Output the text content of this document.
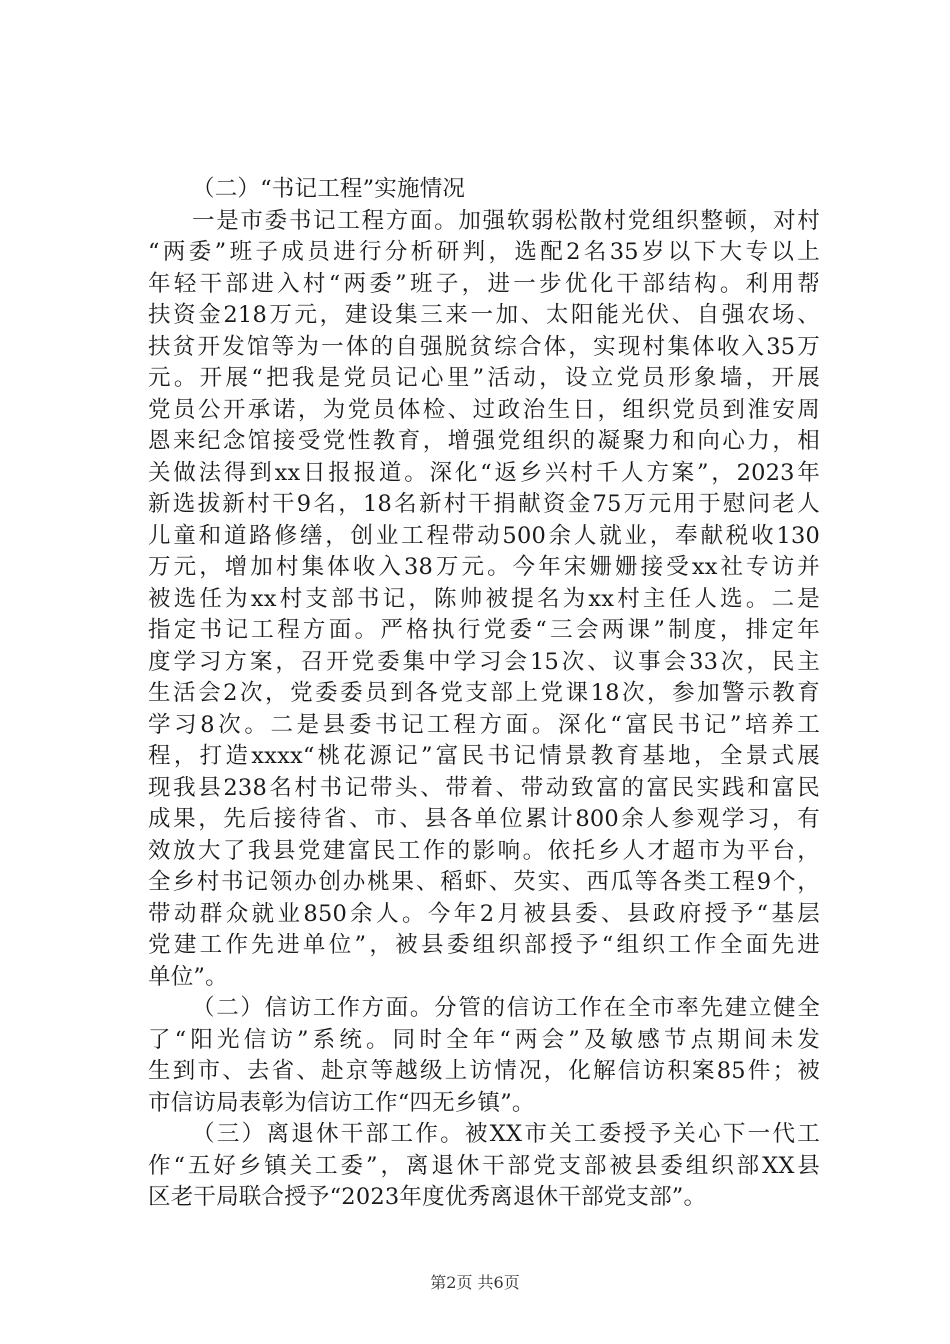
（二）“书记工程”实施情况
一是市委书记工程方面。加强软弱松散村党组织整顿，对村
“两委”班子成员进行分析研判，选配2名35岁以下大专以上
年轻干部进入村“两委”班子，进一步优化干部结构。利用帮
扶资金218万元，建设集三来一加、太阳能光伏、自强农场、
扶贫开发馆等为一体的自强脱贫综合体，实现村集体收入35万
元。开展“把我是党员记心里”活动，设立党员形象墙，开展
党员公开承诺，为党员体检、过政治生日，组织党员到淮安周
恩来纪念馆接受党性教育，增强党组织的凝聚力和向心力，相
关做法得到xx日报报道。深化“返乡兴村千人方案”，2023年
新选拔新村干9名，18名新村干捐献资金75万元用于慰问老人
儿童和道路修缮，创业工程带动500余人就业，奉献税收130
万元，增加村集体收入38万元。今年宋姗姗接受xx社专访并
被选任为xx村支部书记，陈帅被提名为xx村主任人选。二是
指定书记工程方面。严格执行党委“三会两课”制度，排定年
度学习方案，召开党委集中学习会15次、议事会33次，民主
生活会2次，党委委员到各党支部上党课18次，参加警示教育
学习8次。二是县委书记工程方面。深化“富民书记”培养工
程，打造xxxx“桃花源记”富民书记情景教育基地，全景式展
现我县238名村书记带头、带着、带动致富的富民实践和富民
成果，先后接待省、市、县各单位累计800余人参观学习，有
效放大了我县党建富民工作的影响。依托乡人才超市为平台，
全乡村书记领办创办桃果、稻虾、芡实、西瓜等各类工程9个，
带动群众就业850余人。今年2月被县委、县政府授予“基层
党建工作先进单位”，被县委组织部授予“组织工作全面先进
单位”。
（二）信访工作方面。分管的信访工作在全市率先建立健全
了“阳光信访”系统。同时全年“两会”及敏感节点期间未发
生到市、去省、赴京等越级上访情况，化解信访积案85件；被
市信访局表彰为信访工作“四无乡镇”。
（三）离退休干部工作。被XX市关工委授予关心下一代工
作“五好乡镇关工委”，离退休干部党支部被县委组织部XX县
区老干局联合授予“2023年度优秀离退休干部党支部”。
第2页 共6页
